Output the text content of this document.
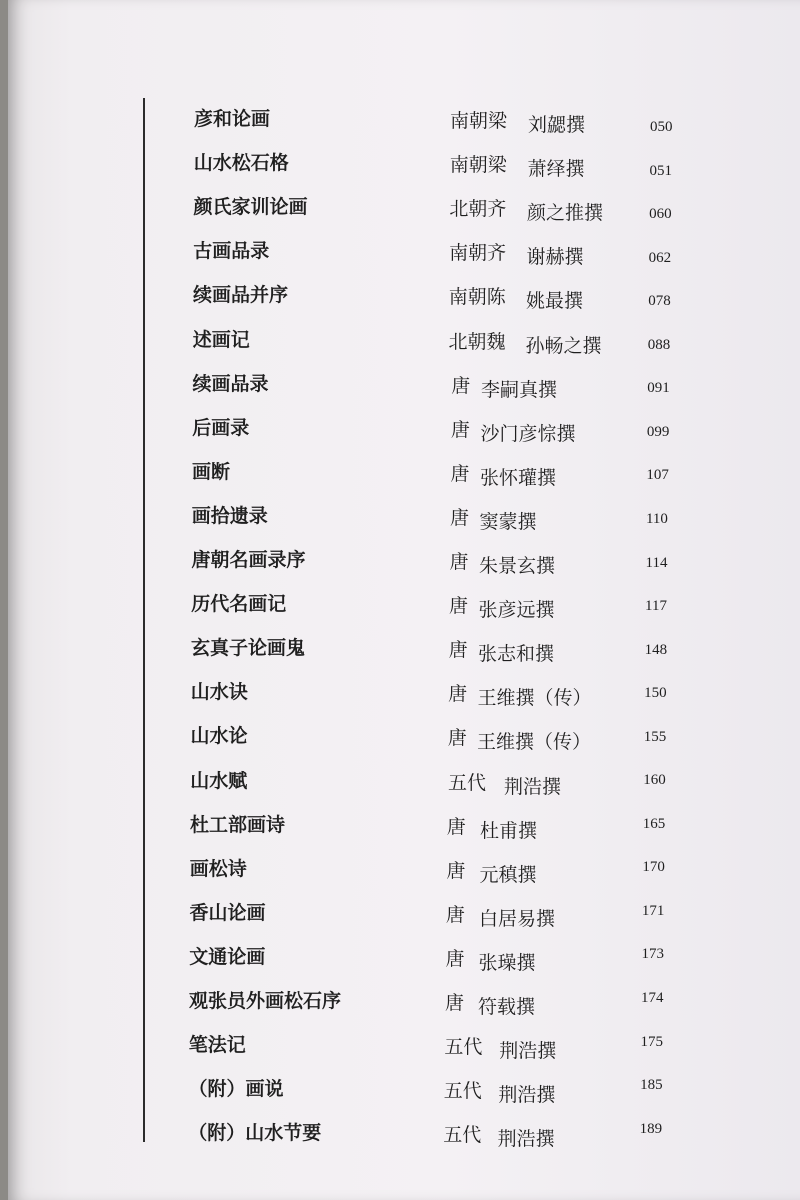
彦和论画	南朝梁 刘勰撰	050
山水松石格	南朝梁 萧绎撰	051
颜氏家训论画	北朝齐 颜之推撰	060
古画品录	南朝齐 谢赫撰	062
续画品并序	南朝陈 姚最撰	078
述画记	北朝魏 孙畅之撰	088
续画品录	唐 李嗣真撰	091
后画录	唐 沙门彦悰撰	099
画断	唐 张怀瓘撰	107
画拾遗录	唐 窦蒙撰	110
唐朝名画录序	唐 朱景玄撰	114
历代名画记	唐 张彦远撰	117
玄真子论画鬼	唐 张志和撰	148
山水诀	唐 王维撰（传）	150
山水论	唐 王维撰（传）	155
山水赋	五代 荆浩撰	160
杜工部画诗	唐 杜甫撰	165
画松诗	唐 元稹撰	170
香山论画	唐 白居易撰	171
文通论画	唐 张璪撰	173
观张员外画松石序	唐 符载撰	174
笔法记	五代 荆浩撰	175
（附）画说	五代 荆浩撰	185
（附）山水节要	五代 荆浩撰	189
